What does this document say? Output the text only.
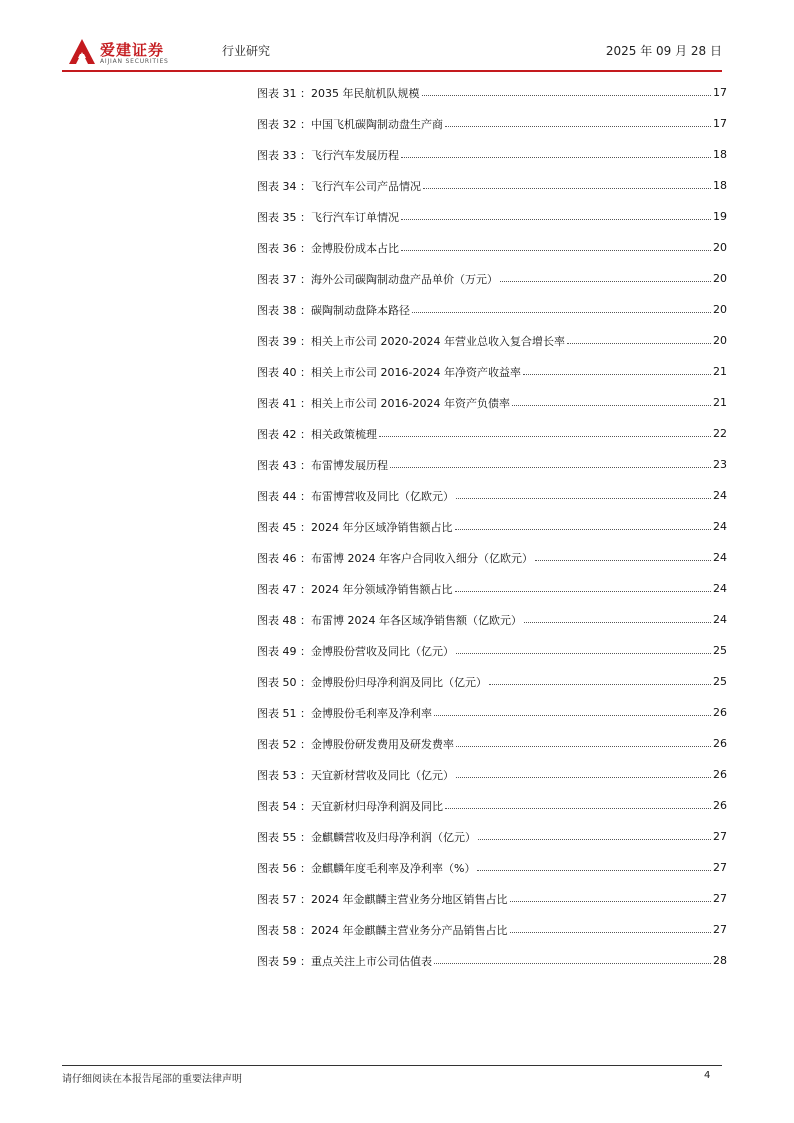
爱建证券
AIJIAN SECURITIES
行业研究	2025 年 09 月 28 日
图表 31 ： 2035 年民航机队规模	17
图表 32 ： 中国飞机碳陶制动盘生产商	17
图表 33 ： 飞行汽车发展历程	18
图表 34 ： 飞行汽车公司产品情况	18
图表 35 ： 飞行汽车订单情况	19
图表 36 ： 金博股份成本占比	20
图表 37 ： 海外公司碳陶制动盘产品单价（万元）	20
图表 38 ： 碳陶制动盘降本路径	20
图表 39 ： 相关上市公司 2020-2024 年营业总收入复合增长率	20
图表 40 ： 相关上市公司 2016-2024 年净资产收益率	21
图表 41 ： 相关上市公司 2016-2024 年资产负债率	21
图表 42 ： 相关政策梳理	22
图表 43 ： 布雷博发展历程	23
图表 44 ： 布雷博营收及同比（亿欧元）	24
图表 45 ： 2024 年分区域净销售额占比	24
图表 46 ： 布雷博 2024 年客户合同收入细分（亿欧元）	24
图表 47 ： 2024 年分领域净销售额占比	24
图表 48 ： 布雷博 2024 年各区域净销售额（亿欧元）	24
图表 49 ： 金博股份营收及同比（亿元）	25
图表 50 ： 金博股份归母净利润及同比（亿元）	25
图表 51 ： 金博股份毛利率及净利率	26
图表 52 ： 金博股份研发费用及研发费率	26
图表 53 ： 天宜新材营收及同比（亿元）	26
图表 54 ： 天宜新材归母净利润及同比	26
图表 55 ： 金麒麟营收及归母净利润（亿元）	27
图表 56 ： 金麒麟年度毛利率及净利率（%）	27
图表 57 ： 2024 年金麒麟主营业务分地区销售占比	27
图表 58 ： 2024 年金麒麟主营业务分产品销售占比	27
图表 59 ： 重点关注上市公司估值表	28
请仔细阅读在本报告尾部的重要法律声明	4
